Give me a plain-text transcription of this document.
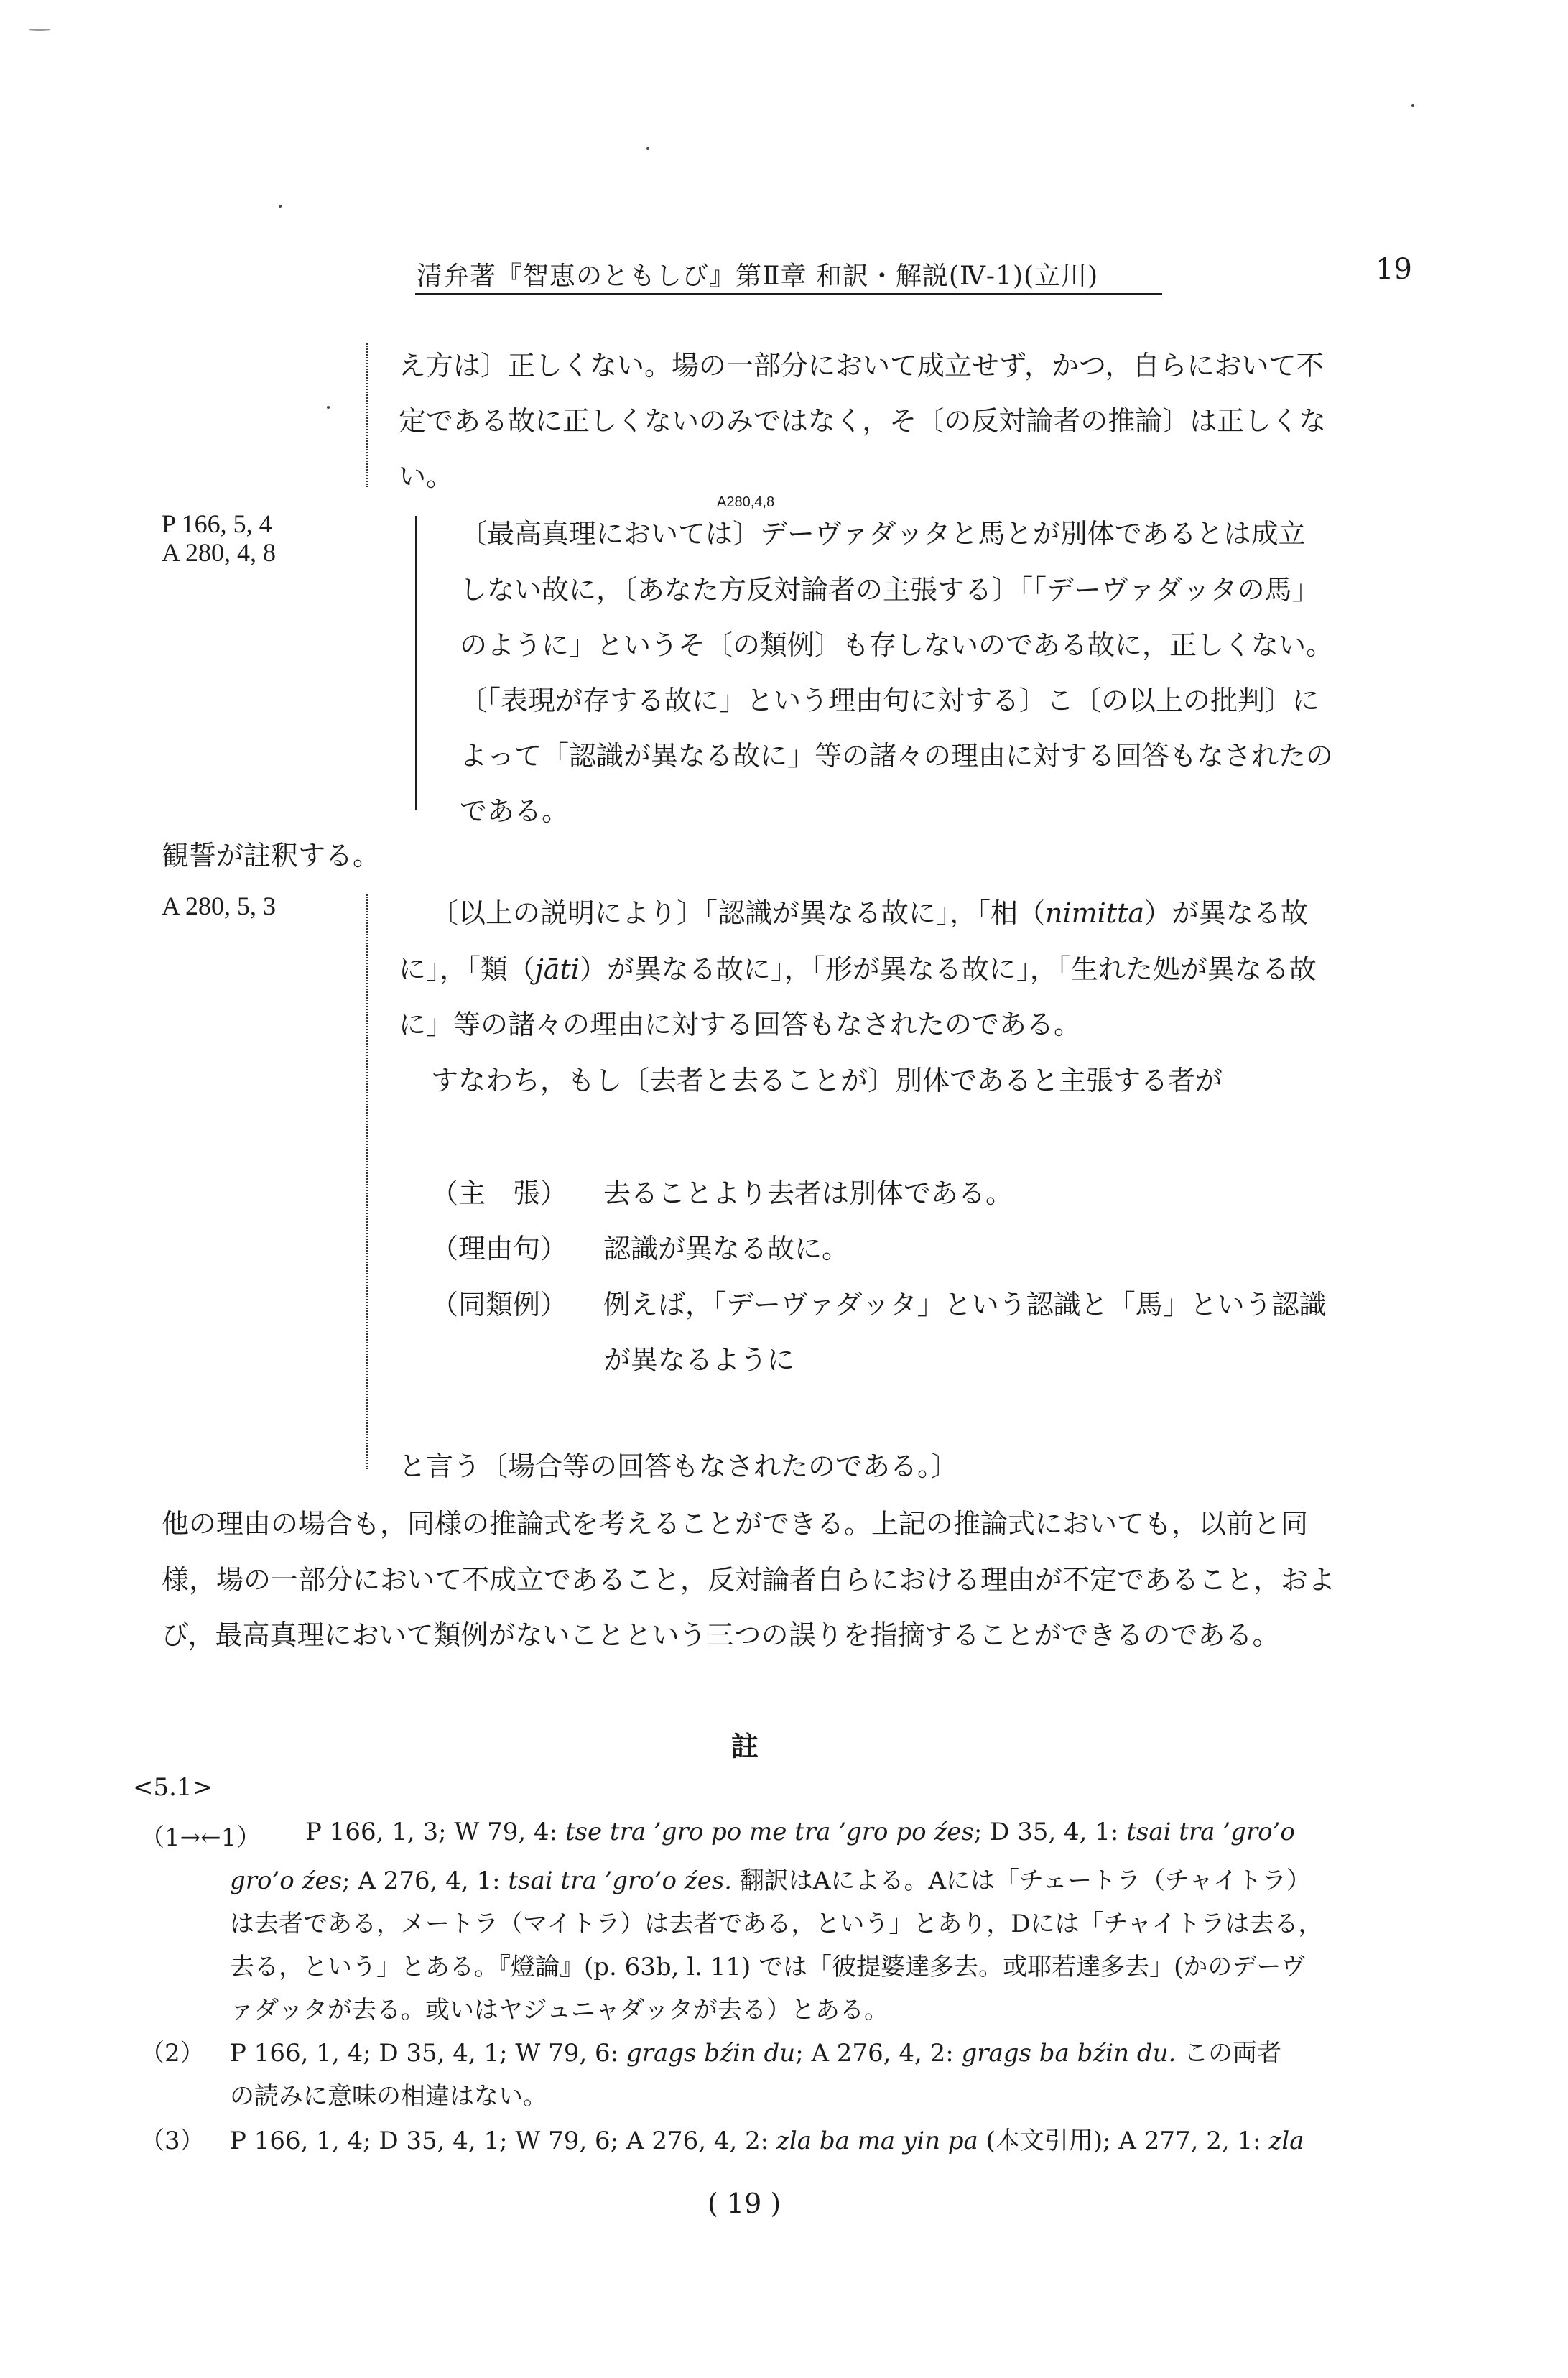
清弁著『智恵のともしび』第Ⅱ章 和訳・解説(Ⅳ-1)(立川)	19
え方は〕正しくない。場の一部分において成立せず，かつ，自らにおいて不
定である故に正しくないのみではなく，そ〔の反対論者の推論〕は正しくな
い。
P 166, 5, 4
A 280, 4, 8
A280,4,8
〔最高真理においては〕デーヴァダッタと馬とが別体であるとは成立
しない故に，〔あなた方反対論者の主張する〕「「デーヴァダッタの馬」
のように」というそ〔の類例〕も存しないのである故に，正しくない。
〔「表現が存する故に」という理由句に対する〕こ〔の以上の批判〕に
よって「認識が異なる故に」等の諸々の理由に対する回答もなされたの
である。
観誓が註釈する。
A 280, 5, 3	〔以上の説明により〕「認識が異なる故に」，「相（nimitta）が異なる故
に」，「類（jāti）が異なる故に」，「形が異なる故に」，「生れた処が異なる故
に」等の諸々の理由に対する回答もなされたのである。
すなわち，もし〔去者と去ることが〕別体であると主張する者が
（主　張） 去ることより去者は別体である。
（理由句） 認識が異なる故に。
（同類例） 例えば，「デーヴァダッタ」という認識と「馬」という認識
が異なるように
と言う〔場合等の回答もなされたのである。〕
他の理由の場合も，同様の推論式を考えることができる。上記の推論式においても，以前と同
様，場の一部分において不成立であること，反対論者自らにおける理由が不定であること，およ
び，最高真理において類例がないことという三つの誤りを指摘することができるのである。
註
<5.1>
（1→←1） P 166, 1, 3; W 79, 4: tse tra ’gro po me tra ’gro po źes; D 35, 4, 1: tsai tra ’gro’o
gro’o źes; A 276, 4, 1: tsai tra ’gro’o źes. 翻訳はAによる。Aには「チェートラ（チャイトラ）
は去者である，メートラ（マイトラ）は去者である，という」とあり，Dには「チャイトラは去る，
去る，という」とある。『燈論』(p. 63b, l. 11) では「彼提婆達多去。或耶若達多去」(かのデーヴ
ァダッタが去る。或いはヤジュニャダッタが去る）とある。
（2） P 166, 1, 4; D 35, 4, 1; W 79, 6: grags bźin du; A 276, 4, 2: grags ba bźin du. この両者
の読みに意味の相違はない。
（3） P 166, 1, 4; D 35, 4, 1; W 79, 6; A 276, 4, 2: zla ba ma yin pa (本文引用); A 277, 2, 1: zla
( 19 )
